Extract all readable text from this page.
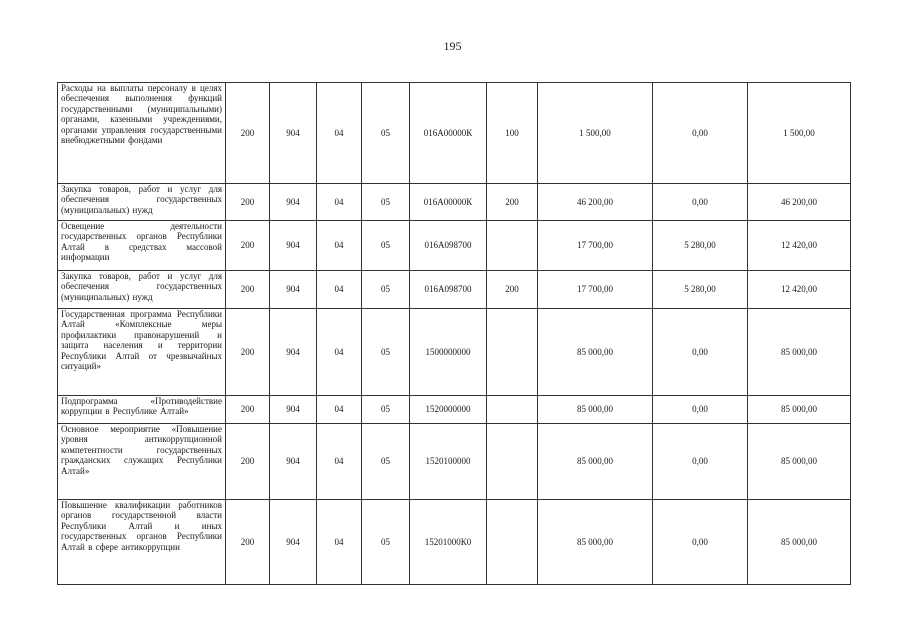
195
Расходы на выплаты персоналу в целях обеспечения выполнения функций государственными (муниципальными) органами, казенными учреждениями, органами управления государственными внебюджетными фондами	200	904	04	05	016А00000К	100	1 500,00	0,00	1 500,00
Закупка товаров, работ и услуг для обеспечения государственных (муниципальных) нужд	200	904	04	05	016А00000К	200	46 200,00	0,00	46 200,00
Освещение деятельности государственных органов Республики Алтай в средствах массовой информации	200	904	04	05	016А098700		17 700,00	5 280,00	12 420,00
Закупка товаров, работ и услуг для обеспечения государственных (муниципальных) нужд	200	904	04	05	016А098700	200	17 700,00	5 280,00	12 420,00
Государственная программа Республики Алтай «Комплексные меры профилактики правонарушений и защита населения и территории Республики Алтай от чрезвычайных ситуаций»	200	904	04	05	1500000000		85 000,00	0,00	85 000,00
Подпрограмма «Противодействие коррупции в Республике Алтай»	200	904	04	05	1520000000		85 000,00	0,00	85 000,00
Основное мероприятие «Повышение уровня антикоррупционной компетентности государственных гражданских служащих Республики Алтай»	200	904	04	05	1520100000		85 000,00	0,00	85 000,00
Повышение квалификации работников органов государственной власти Республики Алтай и иных государственных органов Республики Алтай в сфере антикоррупции	200	904	04	05	15201000К0		85 000,00	0,00	85 000,00
